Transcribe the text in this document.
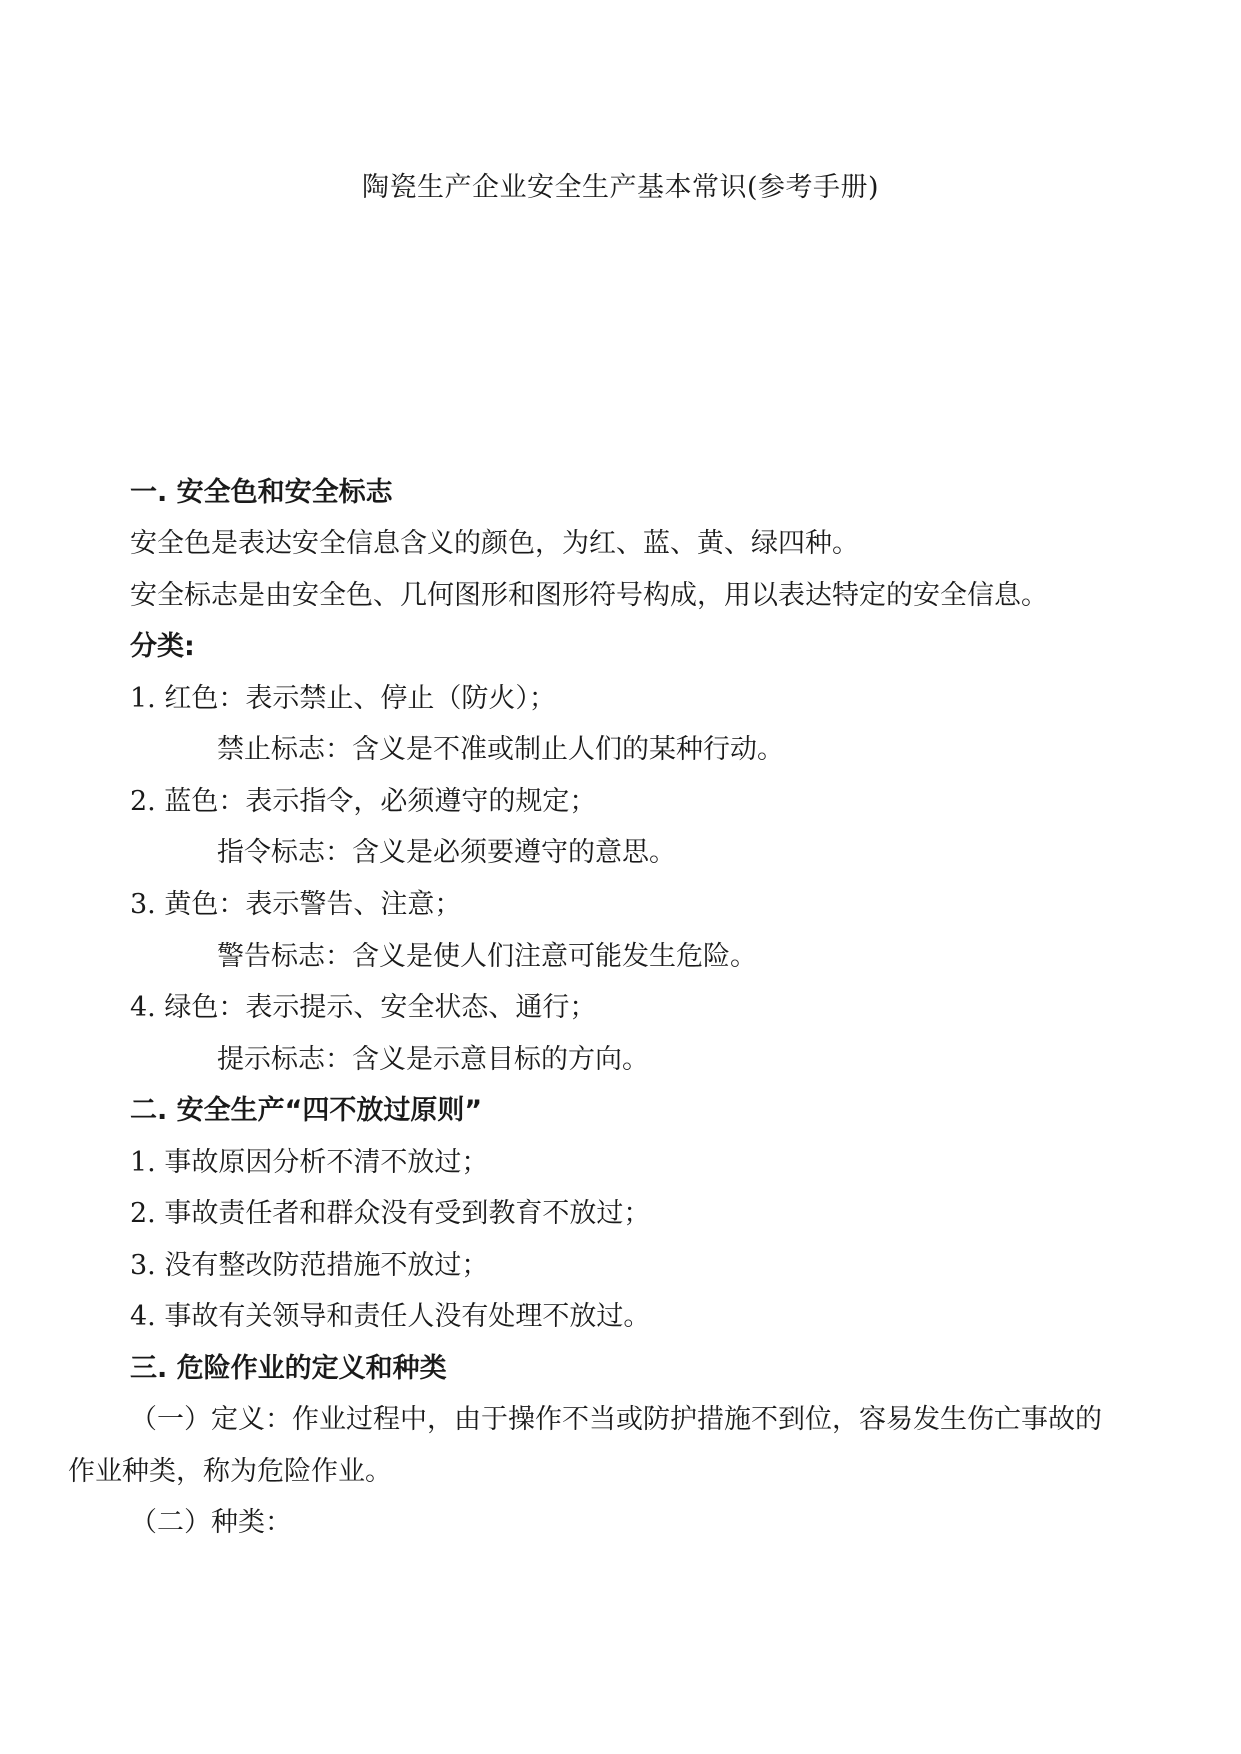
陶瓷生产企业安全生产基本常识(参考手册)
一. 安全色和安全标志
安全色是表达安全信息含义的颜色，为红、蓝、黄、绿四种。
安全标志是由安全色、几何图形和图形符号构成，用以表达特定的安全信息。
分类:
1. 红色：表示禁止、停止（防火）；
禁止标志：含义是不准或制止人们的某种行动。
2. 蓝色：表示指令，必须遵守的规定；
指令标志：含义是必须要遵守的意思。
3. 黄色：表示警告、注意；
警告标志：含义是使人们注意可能发生危险。
4. 绿色：表示提示、安全状态、通行；
提示标志：含义是示意目标的方向。
二. 安全生产“四不放过原则”
1. 事故原因分析不清不放过；
2. 事故责任者和群众没有受到教育不放过；
3. 没有整改防范措施不放过；
4. 事故有关领导和责任人没有处理不放过。
三. 危险作业的定义和种类
（一）定义：作业过程中，由于操作不当或防护措施不到位，容易发生伤亡事故的
作业种类，称为危险作业。
（二）种类：
